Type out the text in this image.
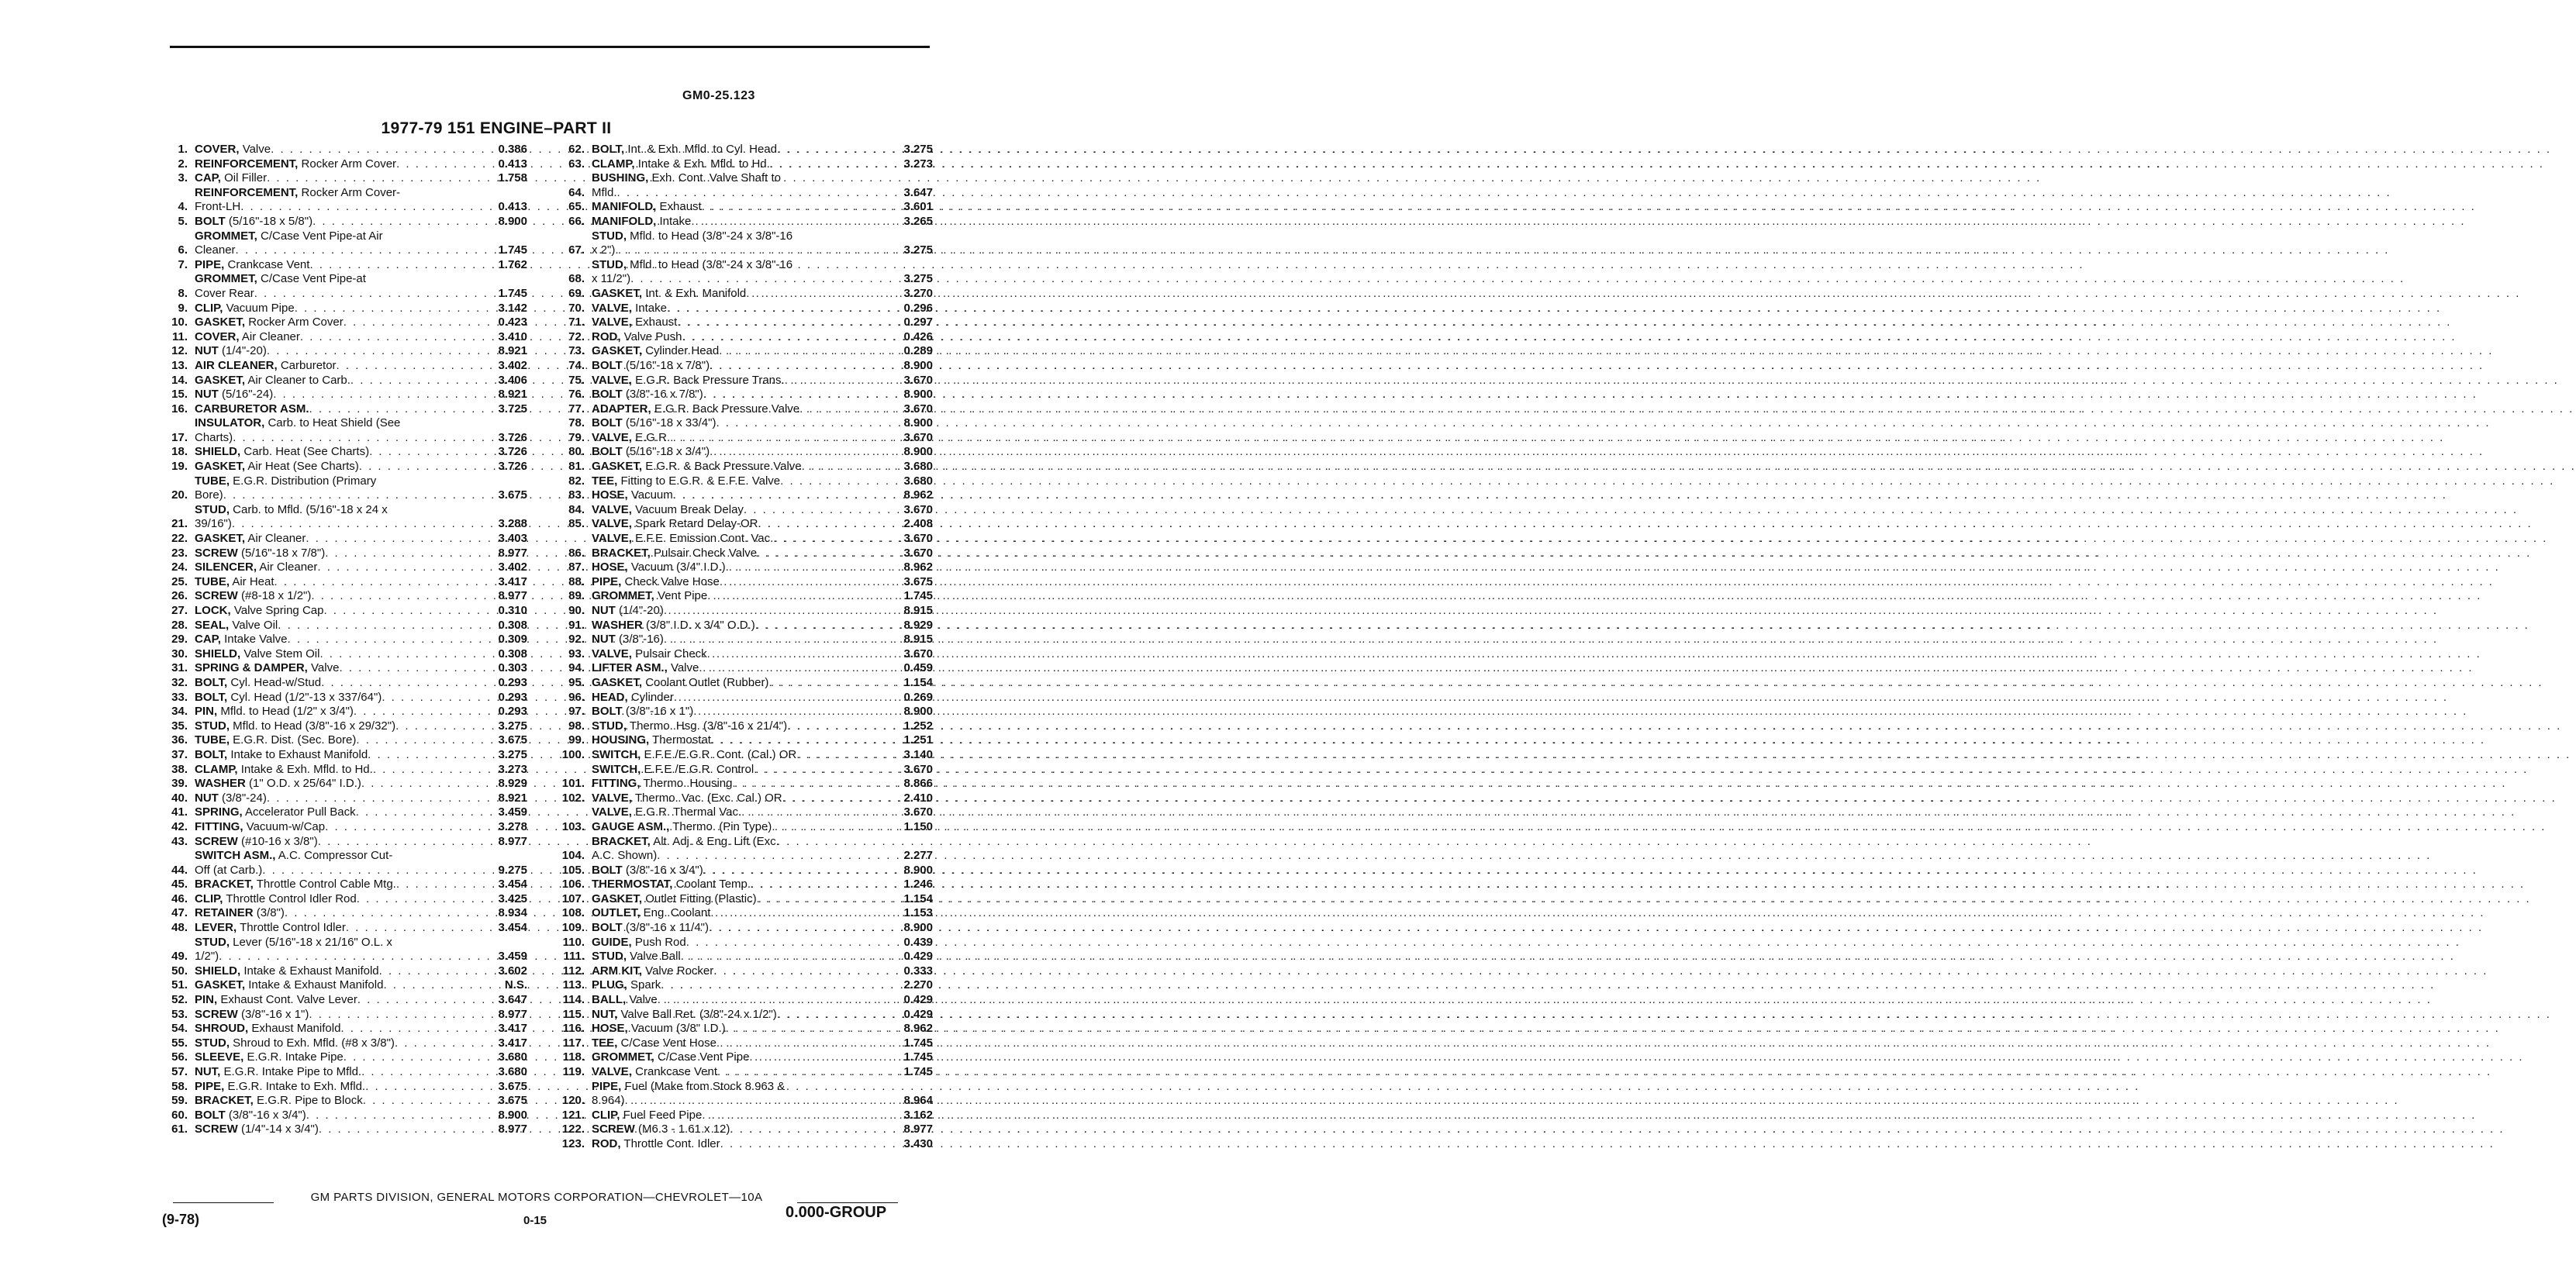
GM0-25.123
1977-79 151 ENGINE–PART II
1. COVER, Valve . . .	0.386
2. REINFORCEMENT, Rocker Arm Cover . . .	0.413
3. CAP, Oil Filler . . .	1.758
4.
REINFORCEMENT, Rocker Arm Cover-
Front-LH . . .	0.413
5. BOLT (5/16"-18 x 5/8") . . .	8.900
6.
GROMMET, C/Case Vent Pipe-at Air
Cleaner . . .	1.745
7. PIPE, Crankcase Vent . . .	1.762
8.
GROMMET, C/Case Vent Pipe-at
Cover Rear . . .	1.745
9. CLIP, Vacuum Pipe . . .	3.142
10. GASKET, Rocker Arm Cover . . .	0.423
11. COVER, Air Cleaner . . .	3.410
12. NUT (1/4"-20) . . .	8.921
13. AIR CLEANER, Carburetor . . .	3.402
14. GASKET, Air Cleaner to Carb. . . .	3.406
15. NUT (5/16"-24) . . .	8.921
16. CARBURETOR ASM. . . .	3.725
17.
INSULATOR, Carb. to Heat Shield (See
Charts) . . .	3.726
18. SHIELD, Carb. Heat (See Charts) . . .	3.726
19. GASKET, Air Heat (See Charts) . . .	3.726
20.
TUBE, E.G.R. Distribution (Primary
Bore) . . .	3.675
21.
STUD, Carb. to Mfld. (5/16"-18 x 24 x
39/16") . . .	3.288
22. GASKET, Air Cleaner . . .	3.403
23. SCREW (5/16"-18 x 7/8") . . .	8.977
24. SILENCER, Air Cleaner . . .	3.402
25. TUBE, Air Heat . . .	3.417
26. SCREW (#8-18 x 1/2") . . .	8.977
27. LOCK, Valve Spring Cap . . .	0.310
28. SEAL, Valve Oil . . .	0.308
29. CAP, Intake Valve . . .	0.309
30. SHIELD, Valve Stem Oil . . .	0.308
31. SPRING & DAMPER, Valve . . .	0.303
32. BOLT, Cyl. Head-w/Stud . . .	0.293
33. BOLT, Cyl. Head (1/2"-13 x 337/64") . . .	0.293
34. PIN, Mfld. to Head (1/2" x 3/4") . . .	0.293
35. STUD, Mfld. to Head (3/8"-16 x 29/32") . . .	3.275
36. TUBE, E.G.R. Dist. (Sec. Bore) . . .	3.675
37. BOLT, Intake to Exhaust Manifold . . .	3.275
38. CLAMP, Intake & Exh. Mfld. to Hd. . . .	3.273
39. WASHER (1" O.D. x 25/64" I.D.) . . .	8.929
40. NUT (3/8"-24) . . .	8.921
41. SPRING, Accelerator Pull Back . . .	3.459
42. FITTING, Vacuum-w/Cap . . .	3.278
43. SCREW (#10-16 x 3/8") . . .	8.977
44.
SWITCH ASM., A.C. Compressor Cut-
Off (at Carb.) . . .	9.275
45. BRACKET, Throttle Control Cable Mtg. . . .	3.454
46. CLIP, Throttle Control Idler Rod . . .	3.425
47. RETAINER (3/8") . . .	8.934
48. LEVER, Throttle Control Idler . . .	3.454
49.
STUD, Lever (5/16"-18 x 21/16" O.L. x
1/2") . . .	3.459
50. SHIELD, Intake & Exhaust Manifold . . .	3.602
51. GASKET, Intake & Exhaust Manifold . . .	N.S.
52. PIN, Exhaust Cont. Valve Lever . . .	3.647
53. SCREW (3/8"-16 x 1") . . .	8.977
54. SHROUD, Exhaust Manifold . . .	3.417
55. STUD, Shroud to Exh. Mfld. (#8 x 3/8") . . .	3.417
56. SLEEVE, E.G.R. Intake Pipe . . .	3.680
57. NUT, E.G.R. Intake Pipe to Mfld. . . .	3.680
58. PIPE, E.G.R. Intake to Exh. Mfld. . . .	3.675
59. BRACKET, E.G.R. Pipe to Block . . .	3.675
60. BOLT (3/8"-16 x 3/4") . . .	8.900
61. SCREW (1/4"-14 x 3/4") . . .	8.977
62. BOLT, Int. & Exh. Mfld. to Cyl. Head . . .	3.275
63. CLAMP, Intake & Exh. Mfld. to Hd. . . .	3.273
64.
BUSHING, Exh. Cont. Valve Shaft to
Mfld. . . .	3.647
65. MANIFOLD, Exhaust . . .	3.601
66. MANIFOLD, Intake . . .	3.265
67.
STUD, Mfld. to Head (3/8"-24 x 3/8"-16
x 2") . . .	3.275
68.
STUD, Mfld. to Head (3/8"-24 x 3/8"-16
x 11/2") . . .	3.275
69. GASKET, Int. & Exh. Manifold . . .	3.270
70. VALVE, Intake . . .	0.296
71. VALVE, Exhaust . . .	0.297
72. ROD, Valve Push . . .	0.426
73. GASKET, Cylinder Head . . .	0.289
74. BOLT (5/16"-18 x 7/8") . . .	8.900
75. VALVE, E.G.R. Back Pressure Trans. . . .	3.670
76. BOLT (3/8"-16 x 7/8") . . .	8.900
77. ADAPTER, E.G.R. Back Pressure Valve . . .	3.670
78. BOLT (5/16"-18 x 33/4") . . .	8.900
79. VALVE, E.G.R. . . .	3.670
80. BOLT (5/16"-18 x 3/4") . . .	8.900
81. GASKET, E.G.R. & Back Pressure Valve . . .	3.680
82. TEE, Fitting to E.G.R. & E.F.E. Valve . . .	3.680
83. HOSE, Vacuum . . .	8.962
84. VALVE, Vacuum Break Delay . . .	3.670
85. VALVE, Spark Retard Delay-OR . . .	2.408
VALVE, E.F.E. Emission Cont. Vac. . . .	3.670
86. BRACKET, Pulsair Check Valve . . .	3.670
87. HOSE, Vacuum (3/4" I.D.) . . .	8.962
88. PIPE, Check Valve Hose . . .	3.675
89. GROMMET, Vent Pipe . . .	1.745
90. NUT (1/4"-20) . . .	8.915
91. WASHER (3/8" I.D. x 3/4" O.D.) . . .	8.929
92. NUT (3/8"-16) . . .	8.915
93. VALVE, Pulsair Check . . .	3.670
94. LIFTER ASM., Valve . . .	0.459
95. GASKET, Coolant Outlet (Rubber) . . .	1.154
96. HEAD, Cylinder . . .	0.269
97. BOLT (3/8"-16 x 1") . . .	8.900
98. STUD, Thermo. Hsg. (3/8"-16 x 21/4") . . .	1.252
99. HOUSING, Thermostat . . .	1.251
100. SWITCH, E.F.E./E.G.R. Cont. (Cal.) OR . . .	3.140
SWITCH, E.F.E./E.G.R. Control . . .	3.670
101. FITTING, Thermo. Housing . . .	8.866
102. VALVE, Thermo. Vac. (Exc. Cal.) OR . . .	2.410
VALVE, E.G.R. Thermal Vac. . . .	3.670
103. GAUGE ASM., Thermo. (Pin Type) . . .	1.150
104.
BRACKET, Alt. Adj. & Eng. Lift (Exc.
A.C. Shown) . . .	2.277
105. BOLT (3/8"-16 x 3/4") . . .	8.900
106. THERMOSTAT, Coolant Temp. . . .	1.246
107. GASKET, Outlet Fitting (Plastic) . . .	1.154
108. OUTLET, Eng. Coolant . . .	1.153
109. BOLT (3/8"-16 x 11/4") . . .	8.900
110. GUIDE, Push Rod . . .	0.439
111. STUD, Valve Ball . . .	0.429
112. ARM KIT, Valve Rocker . . .	0.333
113. PLUG, Spark . . .	2.270
114. BALL, Valve . . .	0.429
115. NUT, Valve Ball Ret. (3/8"-24 x 1/2") . . .	0.429
116. HOSE, Vacuum (3/8" I.D.) . . .	8.962
117. TEE, C/Case Vent Hose . . .	1.745
118. GROMMET, C/Case Vent Pipe . . .	1.745
119. VALVE, Crankcase Vent . . .	1.745
120.
PIPE, Fuel (Make from Stock 8.963 &
8.964) . . .	8.964
121. CLIP, Fuel Feed Pipe . . .	3.162
122. SCREW (M6.3 - 1.61 x 12) . . .	8.977
123. ROD, Throttle Cont. Idler . . .	3.430
GM PARTS DIVISION, GENERAL MOTORS CORPORATION—CHEVROLET—10A
(9-78)	0-15	0.000-GROUP
